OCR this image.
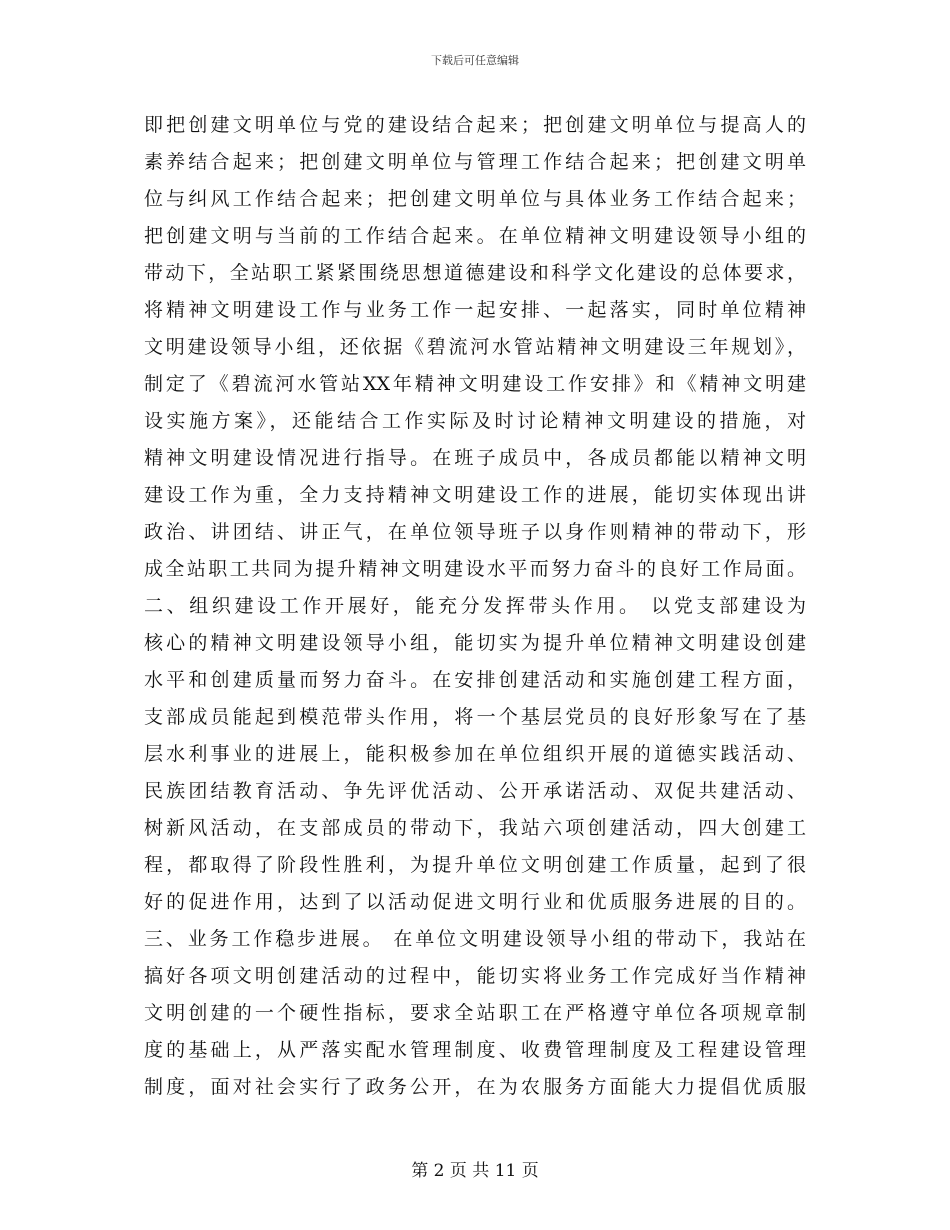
下载后可任意编辑
即把创建文明单位与党的建设结合起来；把创建文明单位与提高人的
素养结合起来；把创建文明单位与管理工作结合起来；把创建文明单
位与纠风工作结合起来；把创建文明单位与具体业务工作结合起来；
把创建文明与当前的工作结合起来。在单位精神文明建设领导小组的
带动下，全站职工紧紧围绕思想道德建设和科学文化建设的总体要求，
将精神文明建设工作与业务工作一起安排、一起落实，同时单位精神
文明建设领导小组，还依据《碧流河水管站精神文明建设三年规划》，
制定了《碧流河水管站XX年精神文明建设工作安排》和《精神文明建
设实施方案》，还能结合工作实际及时讨论精神文明建设的措施，对
精神文明建设情况进行指导。在班子成员中，各成员都能以精神文明
建设工作为重，全力支持精神文明建设工作的进展，能切实体现出讲
政治、讲团结、讲正气，在单位领导班子以身作则精神的带动下，形
成全站职工共同为提升精神文明建设水平而努力奋斗的良好工作局面。
二、组织建设工作开展好，能充分发挥带头作用。 以党支部建设为
核心的精神文明建设领导小组，能切实为提升单位精神文明建设创建
水平和创建质量而努力奋斗。在安排创建活动和实施创建工程方面，
支部成员能起到模范带头作用，将一个基层党员的良好形象写在了基
层水利事业的进展上，能积极参加在单位组织开展的道德实践活动、
民族团结教育活动、争先评优活动、公开承诺活动、双促共建活动、
树新风活动，在支部成员的带动下，我站六项创建活动，四大创建工
程，都取得了阶段性胜利，为提升单位文明创建工作质量，起到了很
好的促进作用，达到了以活动促进文明行业和优质服务进展的目的。
三、业务工作稳步进展。 在单位文明建设领导小组的带动下，我站在
搞好各项文明创建活动的过程中，能切实将业务工作完成好当作精神
文明创建的一个硬性指标，要求全站职工在严格遵守单位各项规章制
度的基础上，从严落实配水管理制度、收费管理制度及工程建设管理
制度，面对社会实行了政务公开，在为农服务方面能大力提倡优质服
第 2 页 共 11 页
